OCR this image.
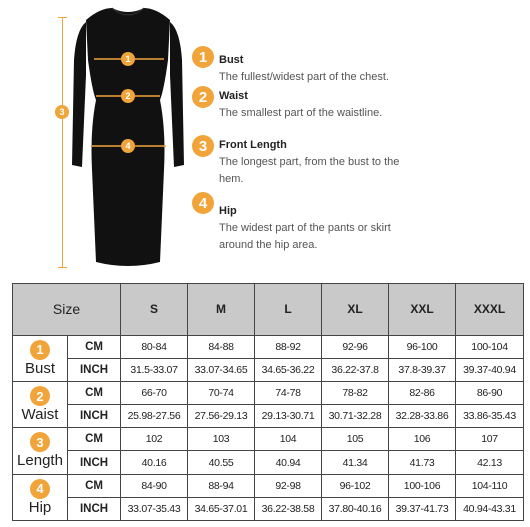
1
2
4
3
1	Bust
The fullest/widest part of the chest.
2	Waist
The smallest part of the waistline.
3	Front Length
The longest part, from the bust to the hem.
4	Hip
The widest part of the pants or skirt around the hip area.
Size		S	M	L	XL	XXL	XXXL
1
Bust	CM	80-84	84-88	88-92	92-96	96-100	100-104
	INCH	31.5-33.07	33.07-34.65	34.65-36.22	36.22-37.8	37.8-39.37	39.37-40.94
2
Waist	CM	66-70	70-74	74-78	78-82	82-86	86-90
	INCH	25.98-27.56	27.56-29.13	29.13-30.71	30.71-32.28	32.28-33.86	33.86-35.43
3
Length	CM	102	103	104	105	106	107
	INCH	40.16	40.55	40.94	41.34	41.73	42.13
4
Hip	CM	84-90	88-94	92-98	96-102	100-106	104-110
	INCH	33.07-35.43	34.65-37.01	36.22-38.58	37.80-40.16	39.37-41.73	40.94-43.31
